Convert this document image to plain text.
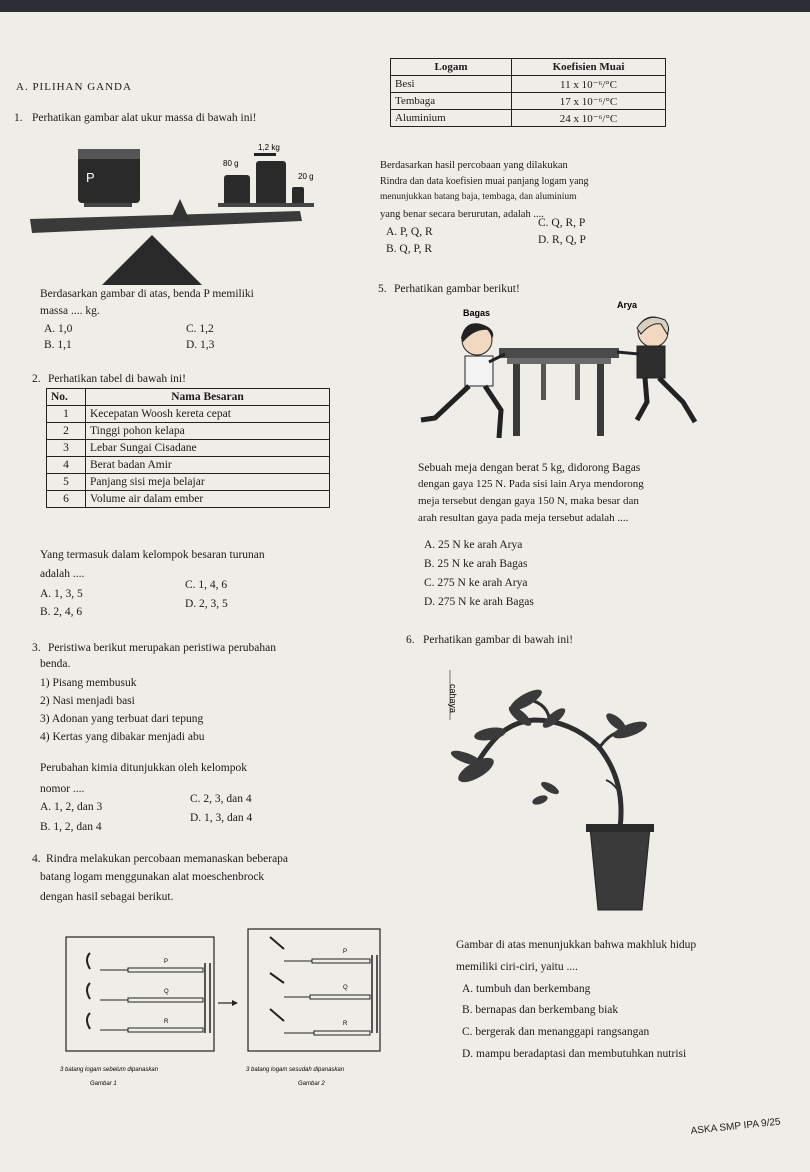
A. PILIHAN GANDA
1. Perhatikan gambar alat ukur massa di bawah ini!
P
1,2 kg
80 g
20 g
Berdasarkan gambar di atas, benda P memiliki
massa .... kg.
A. 1,0
B. 1,1
C. 1,2
D. 1,3
2. Perhatikan tabel di bawah ini!
No.	Nama Besaran
1	Kecepatan Woosh kereta cepat
2	Tinggi pohon kelapa
3	Lebar Sungai Cisadane
4	Berat badan Amir
5	Panjang sisi meja belajar
6	Volume air dalam ember
Yang termasuk dalam kelompok besaran turunan
adalah ....
A. 1, 3, 5
B. 2, 4, 6
C. 1, 4, 6
D. 2, 3, 5
3. Peristiwa berikut merupakan peristiwa perubahan
benda.
1) Pisang membusuk
2) Nasi menjadi basi
3) Adonan yang terbuat dari tepung
4) Kertas yang dibakar menjadi abu
Perubahan kimia ditunjukkan oleh kelompok
nomor ....
A. 1, 2, dan 3
B. 1, 2, dan 4
C. 2, 3, dan 4
D. 1, 3, dan 4
4. Rindra melakukan percobaan memanaskan beberapa
batang logam menggunakan alat moeschenbrock
dengan hasil sebagai berikut.
P
Q
R
P
Q
R
3 batang logam sebelum dipanaskan
Gambar 1
3 batang logam sesudah dipanaskan
Gambar 2
Logam	Koefisien Muai
Besi	11 x 10⁻⁶/°C
Tembaga	17 x 10⁻⁶/°C
Aluminium	24 x 10⁻⁶/°C
Berdasarkan hasil percobaan yang dilakukan
Rindra dan data koefisien muai panjang logam yang
menunjukkan batang baja, tembaga, dan aluminium
yang benar secara berurutan, adalah ....
A. P, Q, R
B. Q, P, R
C. Q, R, P
D. R, Q, P
5. Perhatikan gambar berikut!
Bagas
Arya
Sebuah meja dengan berat 5 kg, didorong Bagas
dengan gaya 125 N. Pada sisi lain Arya mendorong
meja tersebut dengan gaya 150 N, maka besar dan
arah resultan gaya pada meja tersebut adalah ....
A. 25 N ke arah Arya
B. 25 N ke arah Bagas
C. 275 N ke arah Arya
D. 275 N ke arah Bagas
6. Perhatikan gambar di bawah ini!
cahaya
Gambar di atas menunjukkan bahwa makhluk hidup
memiliki ciri-ciri, yaitu ....
A. tumbuh dan berkembang
B. bernapas dan berkembang biak
C. bergerak dan menanggapi rangsangan
D. mampu beradaptasi dan membutuhkan nutrisi
ASKA SMP IPA 9/25
